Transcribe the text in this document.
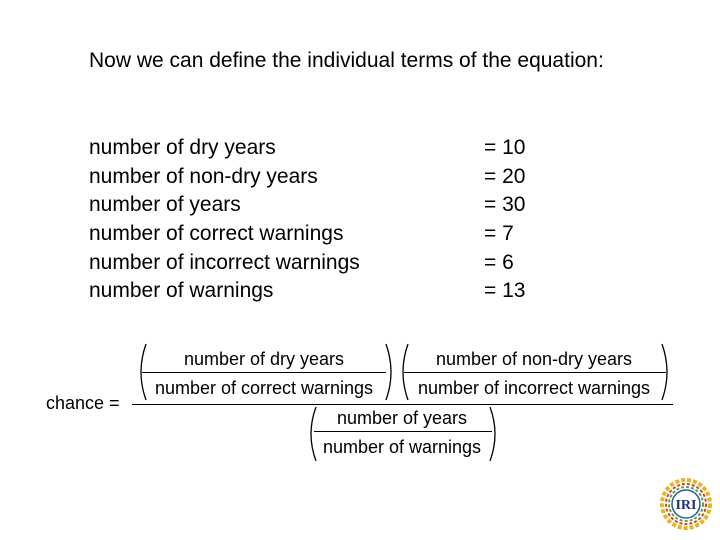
Now we can define the individual terms of the equation:
number of dry years	= 10
number of non-dry years	= 20
number of years	= 30
number of correct warnings	= 7
number of incorrect warnings	= 6
number of warnings	= 13
chance =
number of dry years
number of correct warnings
number of non-dry years
number of incorrect warnings
number of years
number of warnings
IRI
